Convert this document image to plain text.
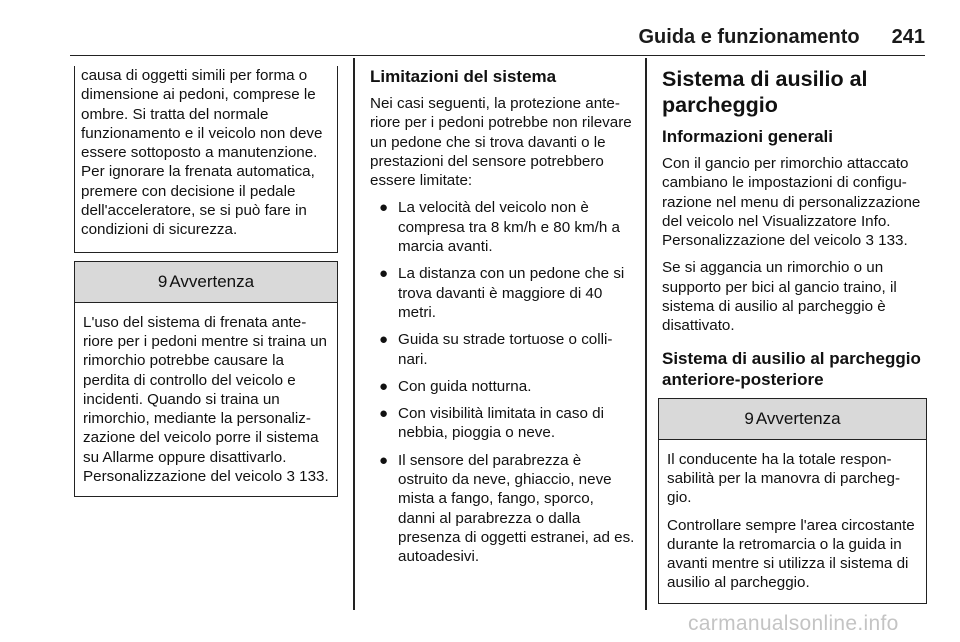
Guida e funzionamento 241

causa di oggetti simili per forma o dimensione ai pedoni, comprese le ombre. Si tratta del normale funzionamento e il veicolo non deve essere sottoposto a manutenzione. Per ignorare la frenata automatica, premere con decisione il pedale dell'acceleratore, se si può fare in condizioni di sicurezza.

9 Avvertenza

L'uso del sistema di frenata anteriore per i pedoni mentre si traina un rimorchio potrebbe causare la perdita di controllo del veicolo e incidenti. Quando si traina un rimorchio, mediante la personalizzazione del veicolo porre il sistema su Allarme oppure disattivarlo. Personalizzazione del veicolo 3 133.

Limitazioni del sistema

Nei casi seguenti, la protezione anteriore per i pedoni potrebbe non rilevare un pedone che si trova davanti o le prestazioni del sensore potrebbero essere limitate:

● La velocità del veicolo non è compresa tra 8 km/h e 80 km/h a marcia avanti.
● La distanza con un pedone che si trova davanti è maggiore di 40 metri.
● Guida su strade tortuose o collinari.
● Con guida notturna.
● Con visibilità limitata in caso di nebbia, pioggia o neve.
● Il sensore del parabrezza è ostruito da neve, ghiaccio, neve mista a fango, fango, sporco, danni al parabrezza o dalla presenza di oggetti estranei, ad es. autoadesivi.
Sistema di ausilio al parcheggio
Informazioni generali

Con il gancio per rimorchio attaccato cambiano le impostazioni di configurazione nel menu di personalizzazione del veicolo nel Visualizzatore Info. Personalizzazione del veicolo 3 133.

Se si aggancia un rimorchio o un supporto per bici al gancio traino, il sistema di ausilio al parcheggio è disattivato.

Sistema di ausilio al parcheggio anteriore-posteriore
9 Avvertenza

Il conducente ha la totale responsabilità per la manovra di parcheggio.

Controllare sempre l'area circostante durante la retromarcia o la guida in avanti mentre si utilizza il sistema di ausilio al parcheggio.

carmanualsonline.info
